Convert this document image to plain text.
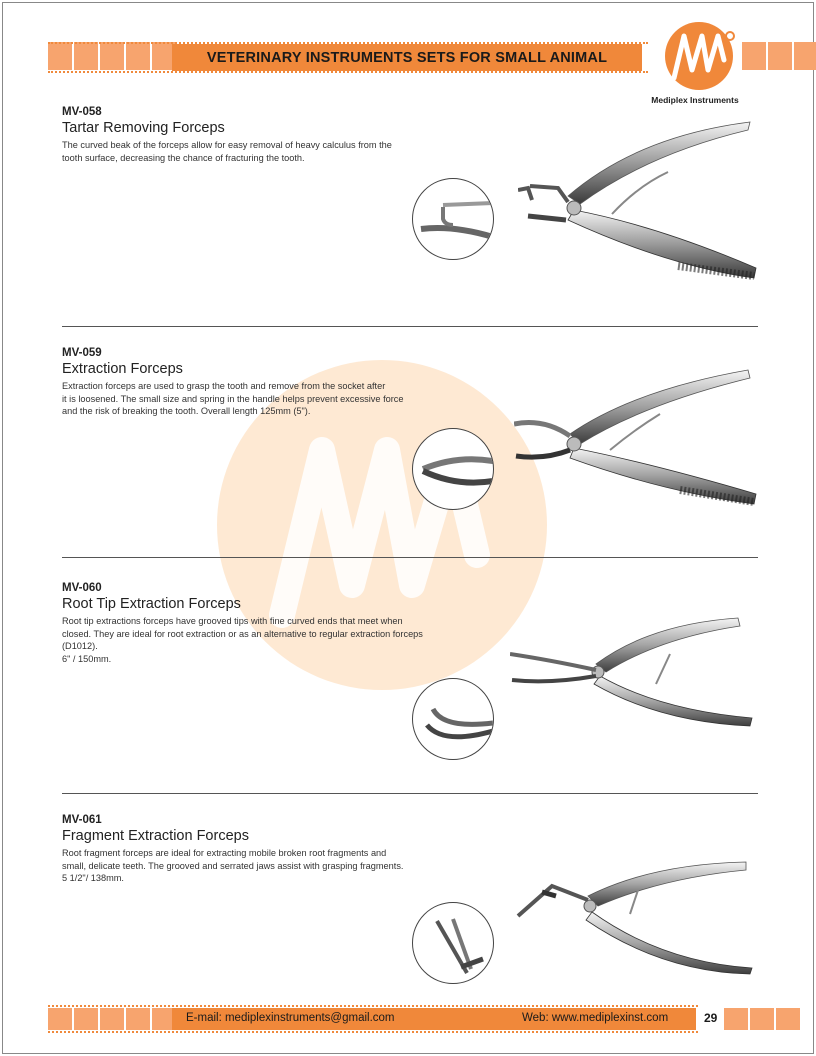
VETERINARY INSTRUMENTS SETS FOR SMALL ANIMAL
Mediplex Instruments
MV-058
Tartar Removing Forceps

The curved beak of the forceps allow for easy removal of heavy calculus from the

tooth surface, decreasing the chance of fracturing the tooth.

MV-059
Extraction Forceps

Extraction forceps are used to grasp the tooth and remove from the socket after

it is loosened. The small size and spring in the handle helps prevent excessive force

and the risk of breaking the tooth. Overall length 125mm (5").

MV-060
Root Tip Extraction Forceps

Root tip extractions forceps have grooved tips with fine curved ends that meet when

closed. They are ideal for root extraction or as an alternative to regular extraction forceps

(D1012).

6" / 150mm.

MV-061
Fragment Extraction Forceps

Root fragment forceps are ideal for extracting mobile broken root fragments and

small, delicate teeth. The grooved and serrated jaws assist with grasping fragments.

5 1/2"/ 138mm.

E-mail: mediplexinstruments@gmail.com	Web: www.mediplexinst.com	29
